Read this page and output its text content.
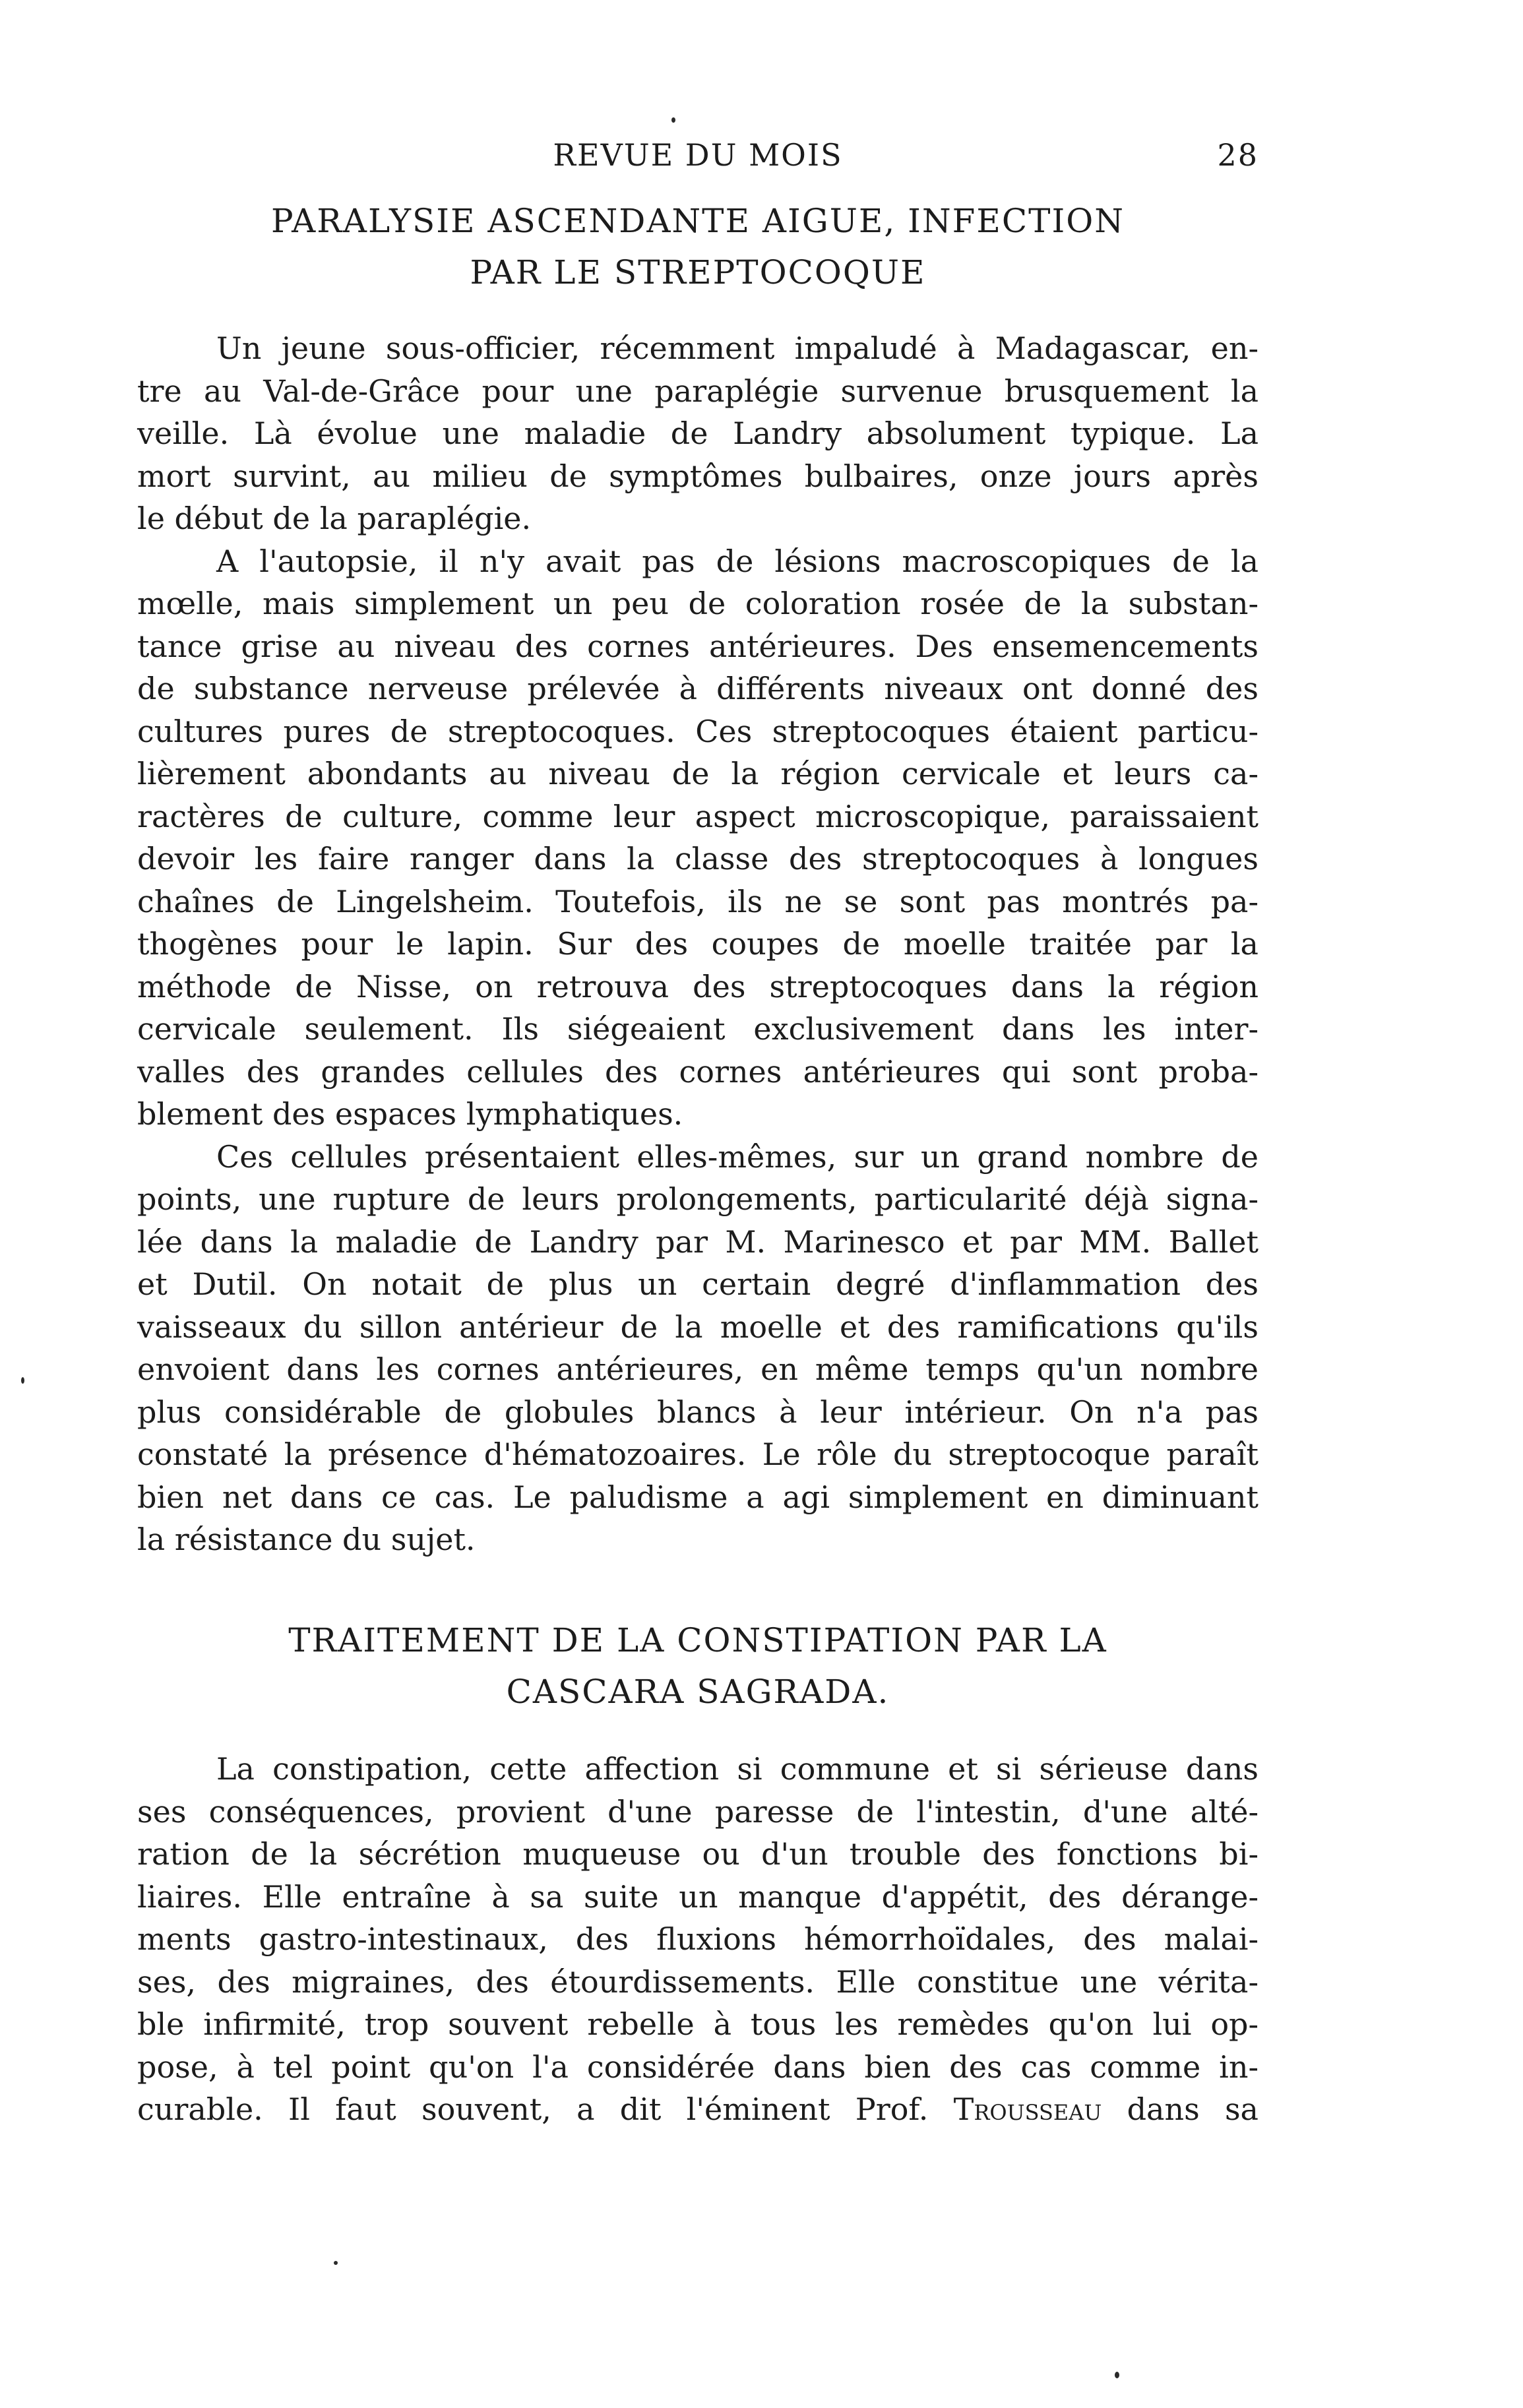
REVUE DU MOIS	28
PARALYSIE ASCENDANTE AIGUE, INFECTION
PAR LE STREPTOCOQUE
Un jeune sous-officier, récemment impaludé à Madagascar, en-
tre au Val-de-Grâce pour une paraplégie survenue brusquement la
veille. Là évolue une maladie de Landry absolument typique. La
mort survint, au milieu de symptômes bulbaires, onze jours après
le début de la paraplégie.
A l'autopsie, il n'y avait pas de lésions macroscopiques de la
mœlle, mais simplement un peu de coloration rosée de la substan-
tance grise au niveau des cornes antérieures. Des ensemencements
de substance nerveuse prélevée à différents niveaux ont donné des
cultures pures de streptocoques. Ces streptocoques étaient particu-
lièrement abondants au niveau de la région cervicale et leurs ca-
ractères de culture, comme leur aspect microscopique, paraissaient
devoir les faire ranger dans la classe des streptocoques à longues
chaînes de Lingelsheim. Toutefois, ils ne se sont pas montrés pa-
thogènes pour le lapin. Sur des coupes de moelle traitée par la
méthode de Nisse, on retrouva des streptocoques dans la région
cervicale seulement. Ils siégeaient exclusivement dans les inter-
valles des grandes cellules des cornes antérieures qui sont proba-
blement des espaces lymphatiques.
Ces cellules présentaient elles-mêmes, sur un grand nombre de
points, une rupture de leurs prolongements, particularité déjà signa-
lée dans la maladie de Landry par M. Marinesco et par MM. Ballet
et Dutil. On notait de plus un certain degré d'inflammation des
vaisseaux du sillon antérieur de la moelle et des ramifications qu'ils
envoient dans les cornes antérieures, en même temps qu'un nombre
plus considérable de globules blancs à leur intérieur. On n'a pas
constaté la présence d'hématozoaires. Le rôle du streptocoque paraît
bien net dans ce cas. Le paludisme a agi simplement en diminuant
la résistance du sujet.
TRAITEMENT DE LA CONSTIPATION PAR LA
CASCARA SAGRADA.
La constipation, cette affection si commune et si sérieuse dans
ses conséquences, provient d'une paresse de l'intestin, d'une alté-
ration de la sécrétion muqueuse ou d'un trouble des fonctions bi-
liaires. Elle entraîne à sa suite un manque d'appétit, des dérange-
ments gastro-intestinaux, des fluxions hémorrhoïdales, des malai-
ses, des migraines, des étourdissements. Elle constitue une vérita-
ble infirmité, trop souvent rebelle à tous les remèdes qu'on lui op-
pose, à tel point qu'on l'a considérée dans bien des cas comme in-
curable. Il faut souvent, a dit l'éminent Prof. Trousseau dans sa
